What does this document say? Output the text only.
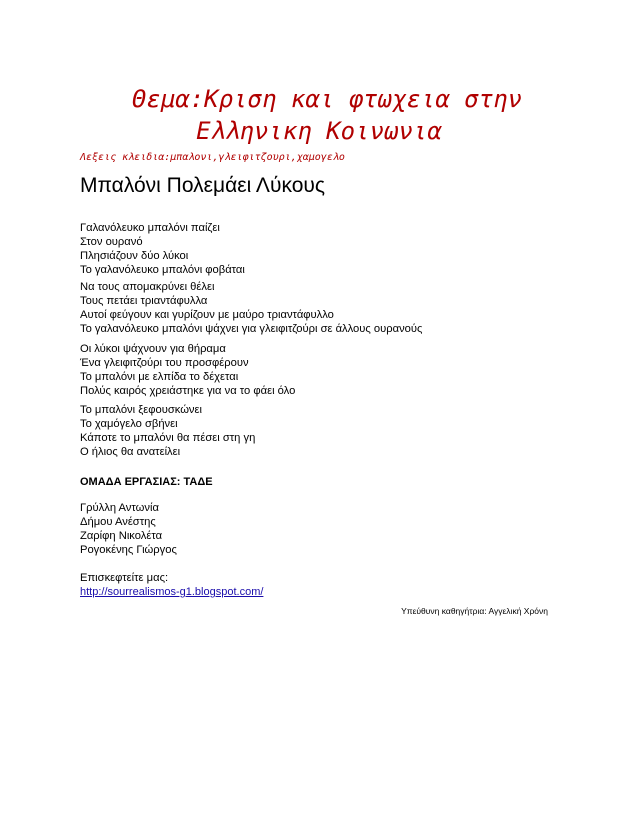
Θεμα:Κριση και φτωχεια στην
Ελληνικη Κοινωνια
Λεξεις κλειδια:μπαλονι,γλειφιτζουρι,χαμογελο
Μπαλόνι Πολεμάει Λύκους
Γαλανόλευκο μπαλόνι παίζει
Στον ουρανό
Πλησιάζουν δύο λύκοι
Το γαλανόλευκο μπαλόνι φοβάται
Να τους απομακρύνει θέλει
Τους πετάει τριαντάφυλλα
Αυτοί φεύγουν και γυρίζουν με μαύρο τριαντάφυλλο
Το γαλανόλευκο μπαλόνι ψάχνει για γλειφιτζούρι σε άλλους ουρανούς
Οι λύκοι ψάχνουν για θήραμα
Ένα γλειφιτζούρι του προσφέρουν
Το μπαλόνι με ελπίδα το δέχεται
Πολύς καιρός χρειάστηκε για να το φάει όλο
Το μπαλόνι ξεφουσκώνει
Το χαμόγελο σβήνει
Κάποτε το μπαλόνι θα πέσει στη γη
Ο ήλιος θα ανατείλει
ΟΜΑΔΑ ΕΡΓΑΣΙΑΣ: ΤΑΔΕ
Γρύλλη Αντωνία
Δήμου Ανέστης
Ζαρίφη Νικολέτα
Ρογοκένης Γιώργος
Επισκεφτείτε μας:
http://sourrealismos-g1.blogspot.com/
Υπεύθυνη καθηγήτρια: Αγγελική Χρόνη
